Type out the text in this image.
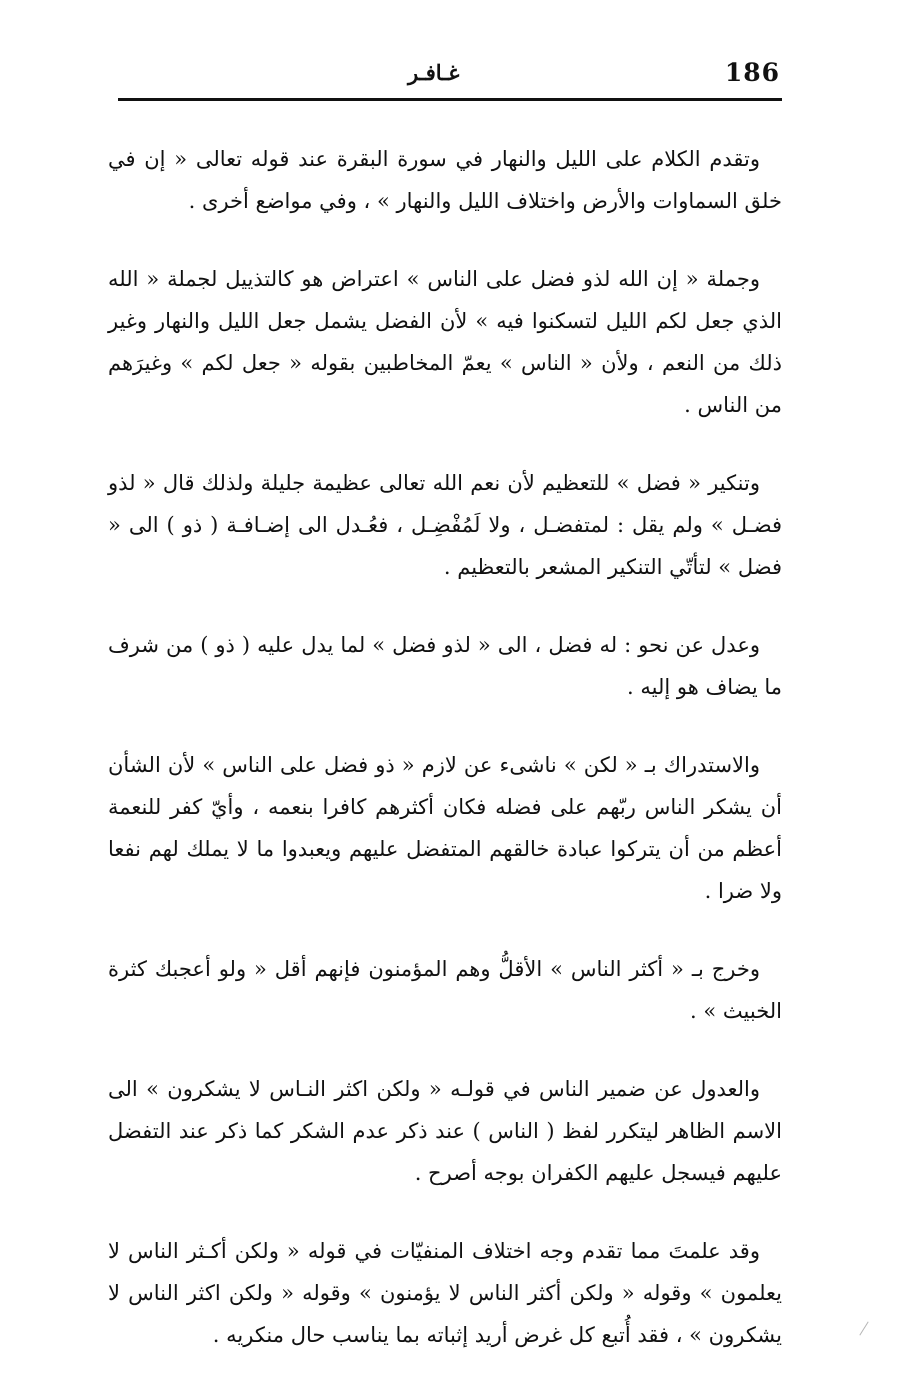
186
غـافـر

وتقدم الكلام على الليل والنهار في سورة البقرة عند قوله تعالى « إن في خلق السماوات والأرض واختلاف الليل والنهار » ، وفي مواضع أخرى .

وجملة « إن الله لذو فضل على الناس » اعتراض هو كالتذييل لجملة « الله الذي جعل لكم الليل لتسكنوا فيه » لأن الفضل يشمل جعل الليل والنهار وغير ذلك من النعم ، ولأن « الناس » يعمّ المخاطبين بقوله « جعل لكم » وغيرَهم من الناس .

وتنكير « فضل » للتعظيم لأن نعم الله تعالى عظيمة جليلة ولذلك قال « لذو فضـل » ولم يقل : لمتفضـل ، ولا لَمُفْضِـل ، فعُـدل الى إضـافـة ( ذو ) الى « فضل » لتأتّي التنكير المشعر بالتعظيم .

وعدل عن نحو : له فضل ، الى « لذو فضل » لما يدل عليه ( ذو ) من شرف ما يضاف هو إليه .

والاستدراك بـ « لكن » ناشىء عن لازم « ذو فضل على الناس » لأن الشأن أن يشكر الناس ربّهم على فضله فكان أكثرهم كافرا بنعمه ، وأيّ كفر للنعمة أعظم من أن يتركوا عبادة خالقهم المتفضل عليهم ويعبدوا ما لا يملك لهم نفعا ولا ضرا .

وخرج بـ « أكثر الناس » الأقلُّ وهم المؤمنون فإنهم أقل « ولو أعجبك كثرة الخبيث » .

والعدول عن ضمير الناس في قولـه « ولكن اكثر النـاس لا يشكرون » الى الاسم الظاهر ليتكرر لفظ ( الناس ) عند ذكر عدم الشكر كما ذكر عند التفضل عليهم فيسجل عليهم الكفران بوجه أصرح .

وقد علمتَ مما تقدم وجه اختلاف المنفيّات في قوله « ولكن أكـثر الناس لا يعلمون » وقوله « ولكن أكثر الناس لا يؤمنون » وقوله « ولكن اكثر الناس لا يشكرون » ، فقد أُتبع كل غرض أريد إثباته بما يناسب حال منكريه .
